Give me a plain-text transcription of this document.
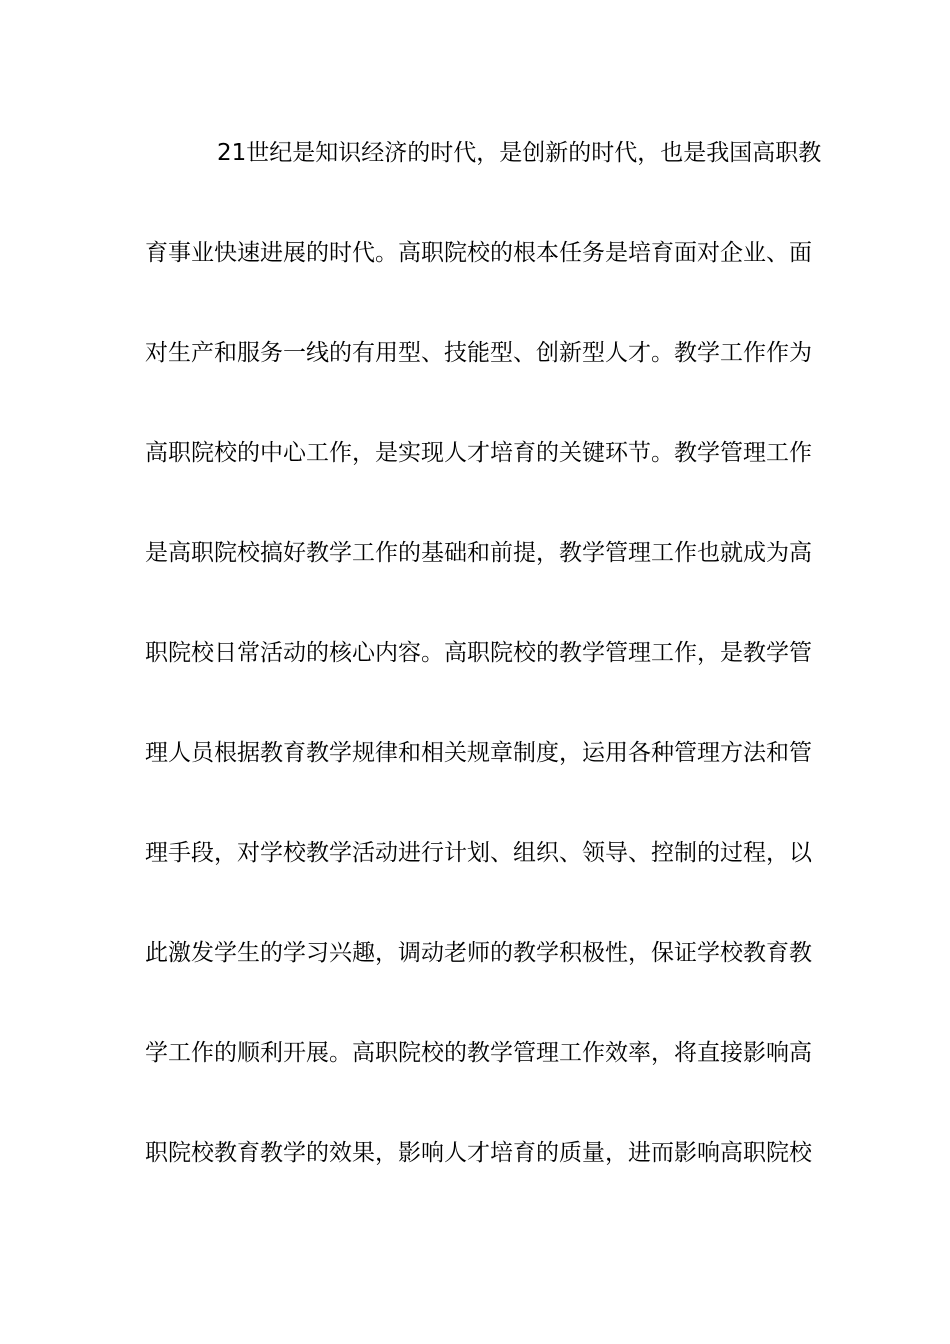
21世纪是知识经济的时代，是创新的时代，也是我国高职教
育事业快速进展的时代。高职院校的根本任务是培育面对企业、面
对生产和服务一线的有用型、技能型、创新型人才。教学工作作为
高职院校的中心工作，是实现人才培育的关键环节。教学管理工作
是高职院校搞好教学工作的基础和前提，教学管理工作也就成为高
职院校日常活动的核心内容。高职院校的教学管理工作，是教学管
理人员根据教育教学规律和相关规章制度，运用各种管理方法和管
理手段，对学校教学活动进行计划、组织、领导、控制的过程，以
此激发学生的学习兴趣，调动老师的教学积极性，保证学校教育教
学工作的顺利开展。高职院校的教学管理工作效率，将直接影响高
职院校教育教学的效果，影响人才培育的质量，进而影响高职院校
